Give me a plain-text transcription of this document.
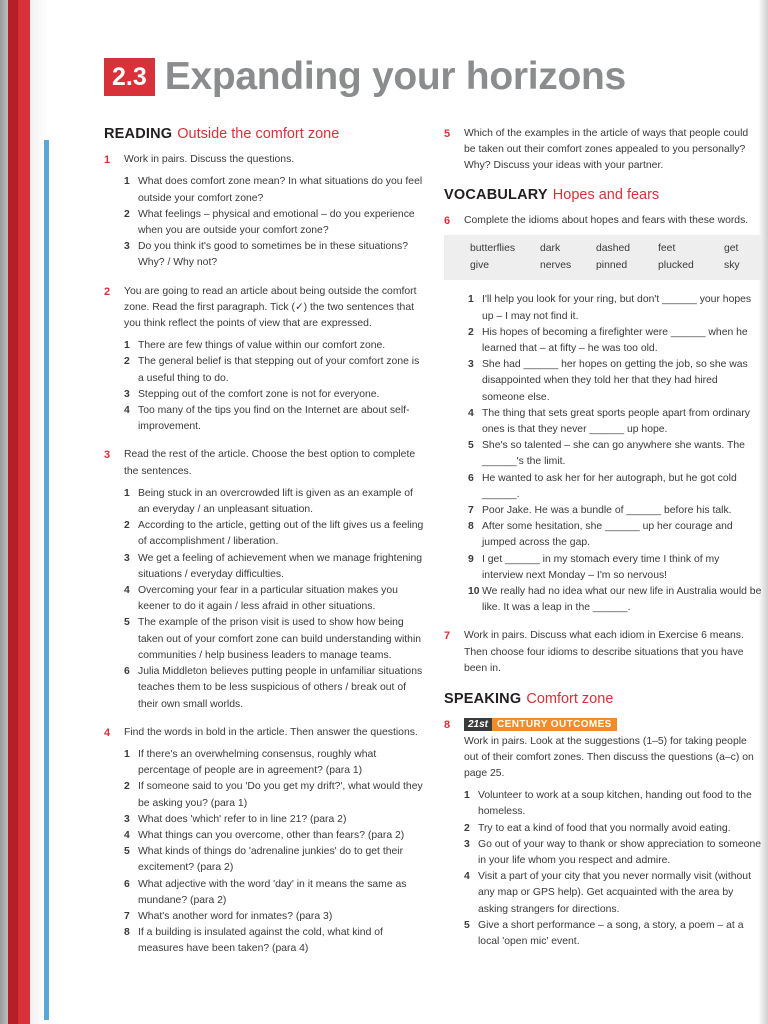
2.3 Expanding your horizons
READING Outside the comfort zone
1	Work in pairs. Discuss the questions.
1 What does comfort zone mean? In what situations do you feel outside your comfort zone?
2 What feelings – physical and emotional – do you experience when you are outside your comfort zone?
3 Do you think it's good to sometimes be in these situations? Why? / Why not?
2	You are going to read an article about being outside the comfort zone. Read the first paragraph. Tick (✓) the two sentences that you think reflect the points of view that are expressed.
1 There are few things of value within our comfort zone.
2 The general belief is that stepping out of your comfort zone is a useful thing to do.
3 Stepping out of the comfort zone is not for everyone.
4 Too many of the tips you find on the Internet are about self-improvement.
3	Read the rest of the article. Choose the best option to complete the sentences.
1 Being stuck in an overcrowded lift is given as an example of an everyday / an unpleasant situation.
2 According to the article, getting out of the lift gives us a feeling of accomplishment / liberation.
3 We get a feeling of achievement when we manage frightening situations / everyday difficulties.
4 Overcoming your fear in a particular situation makes you keener to do it again / less afraid in other situations.
5 The example of the prison visit is used to show how being taken out of your comfort zone can build understanding within communities / help business leaders to manage teams.
6 Julia Middleton believes putting people in unfamiliar situations teaches them to be less suspicious of others / break out of their own small worlds.
4	Find the words in bold in the article. Then answer the questions.
1 If there's an overwhelming consensus, roughly what percentage of people are in agreement? (para 1)
2 If someone said to you 'Do you get my drift?', what would they be asking you? (para 1)
3 What does 'which' refer to in line 21? (para 2)
4 What things can you overcome, other than fears? (para 2)
5 What kinds of things do 'adrenaline junkies' do to get their excitement? (para 2)
6 What adjective with the word 'day' in it means the same as mundane? (para 2)
7 What's another word for inmates? (para 3)
8 If a building is insulated against the cold, what kind of measures have been taken? (para 4)
5	Which of the examples in the article of ways that people could be taken out their comfort zones appealed to you personally? Why? Discuss your ideas with your partner.
VOCABULARY Hopes and fears
6	Complete the idioms about hopes and fears with these words.
butterflies	dark	dashed	feet	get
give	nerves	pinned	plucked	sky
1 I'll help you look for your ring, but don't ______ your hopes up – I may not find it.
2 His hopes of becoming a firefighter were ______ when he learned that – at fifty – he was too old.
3 She had ______ her hopes on getting the job, so she was disappointed when they told her that they had hired someone else.
4 The thing that sets great sports people apart from ordinary ones is that they never ______ up hope.
5 She's so talented – she can go anywhere she wants. The ______'s the limit.
6 He wanted to ask her for her autograph, but he got cold ______.
7 Poor Jake. He was a bundle of ______ before his talk.
8 After some hesitation, she ______ up her courage and jumped across the gap.
9 I get ______ in my stomach every time I think of my interview next Monday – I'm so nervous!
10 We really had no idea what our new life in Australia would be like. It was a leap in the ______.
7	Work in pairs. Discuss what each idiom in Exercise 6 means. Then choose four idioms to describe situations that you have been in.
SPEAKING Comfort zone
8	21st CENTURY OUTCOMES
Work in pairs. Look at the suggestions (1–5) for taking people out of their comfort zones. Then discuss the questions (a–c) on page 25.
1 Volunteer to work at a soup kitchen, handing out food to the homeless.
2 Try to eat a kind of food that you normally avoid eating.
3 Go out of your way to thank or show appreciation to someone in your life whom you respect and admire.
4 Visit a part of your city that you never normally visit (without any map or GPS help). Get acquainted with the area by asking strangers for directions.
5 Give a short performance – a song, a story, a poem – at a local 'open mic' event.
